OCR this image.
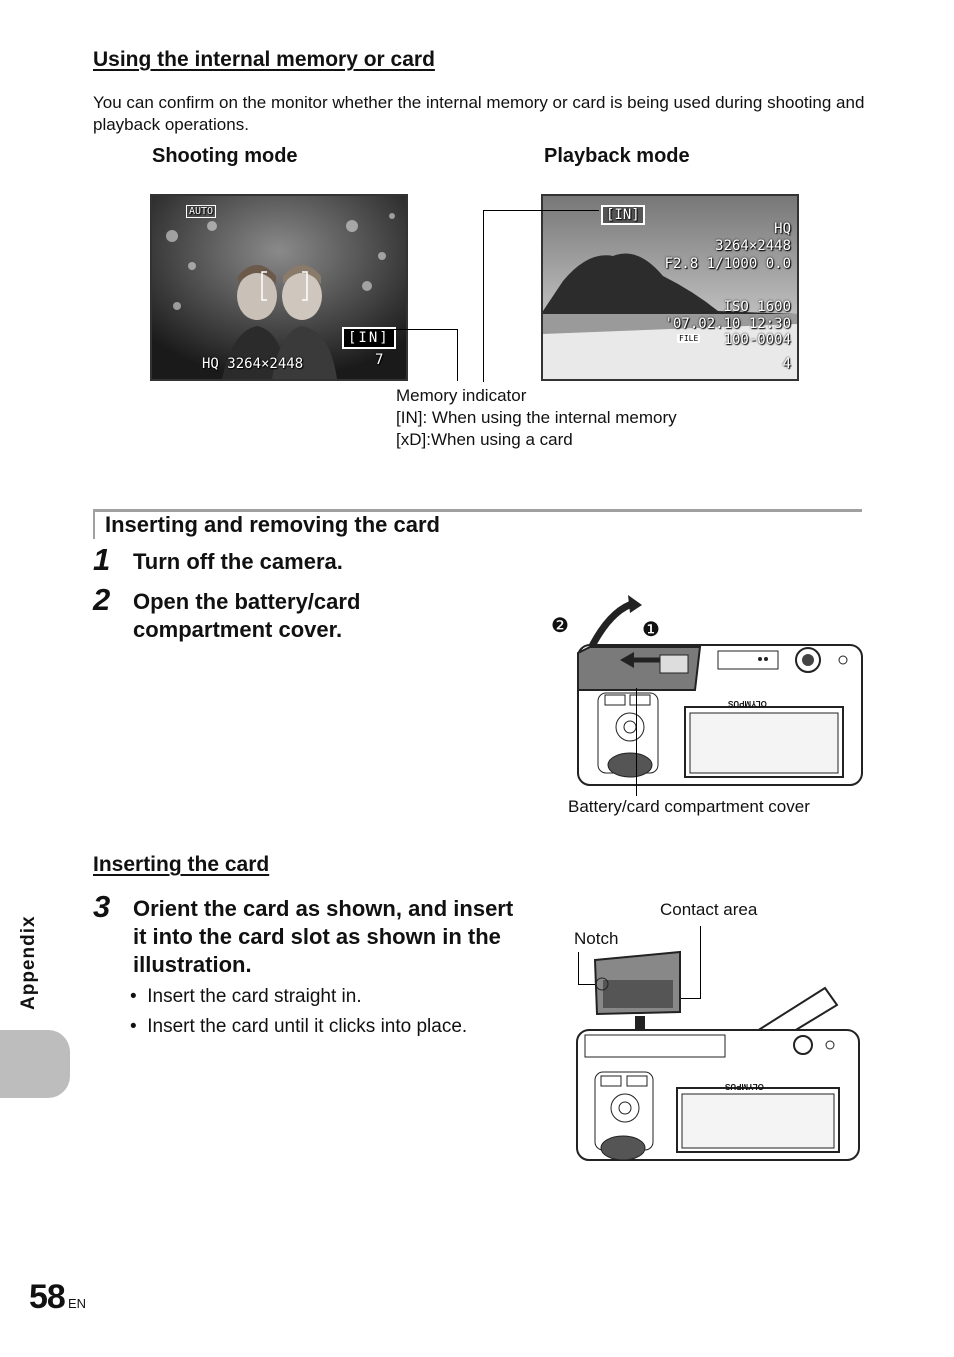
Using the internal memory or card
You can confirm on the monitor whether the internal memory or card is being used during shooting and playback operations.
Shooting mode	Playback mode
AUTO
[IN]
HQ 3264×2448	7
[IN]
HQ
3264×2448
F2.8 1/1000 0.0
ISO 1600
'07.02.10 12:30
100-0004
FILE
4
Memory indicator
[IN]: When using the internal memory
[xD]:When using a card
Inserting and removing the card
1 Turn off the camera.
2 Open the battery/card
compartment cover.	❷	❶
OLYMPUS
Battery/card compartment cover
Inserting the card
3 Orient the card as shown, and insert
it into the card slot as shown in the
illustration.
•  Insert the card straight in.
•  Insert the card until it clicks into place.
Contact area
Notch
OLYMPUS
Appendix
58 EN
